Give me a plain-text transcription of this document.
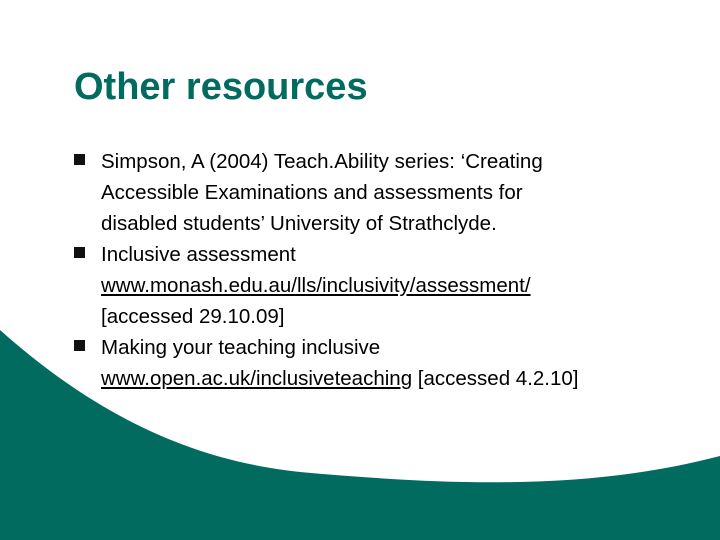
Other resources
Simpson, A (2004) Teach.Ability series: ‘Creating
Accessible Examinations and assessments for
disabled students’ University of Strathclyde.
Inclusive assessment
www.monash.edu.au/lls/inclusivity/assessment/
[accessed 29.10.09]
Making your teaching inclusive
www.open.ac.uk/inclusiveteaching [accessed 4.2.10]
